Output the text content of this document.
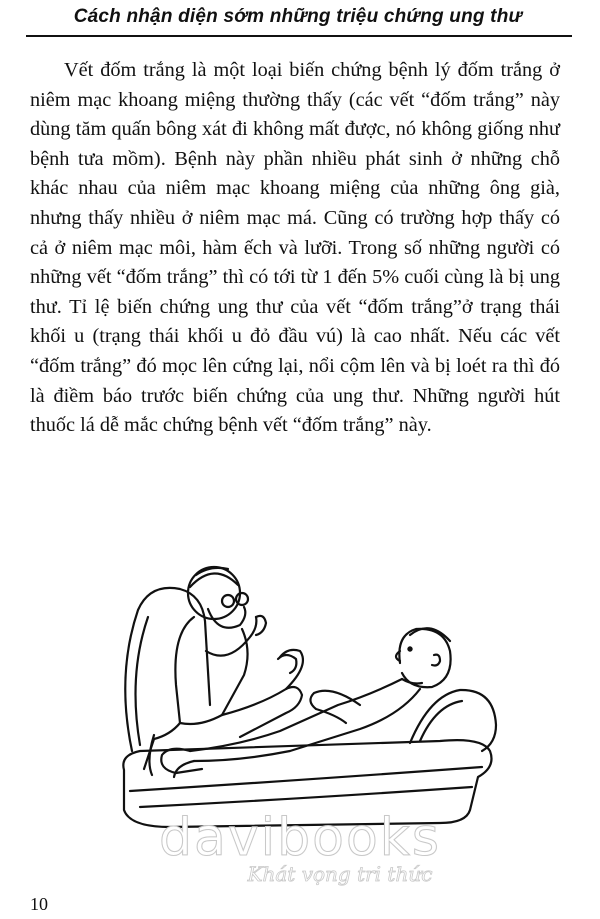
Cách nhận diện sớm những triệu chứng ung thư

Vết đốm trắng là một loại biến chứng bệnh lý đốm trắng ở niêm mạc khoang miệng thường thấy (các vết “đốm trắng” này dùng tăm quấn bông xát đi không mất được, nó không giống như bệnh tưa mồm). Bệnh này phần nhiều phát sinh ở những chỗ khác nhau của niêm mạc khoang miệng của những ông già, nhưng thấy nhiều ở niêm mạc má. Cũng có trường hợp thấy có cả ở niêm mạc môi, hàm ếch và lưỡi. Trong số những người có những vết “đốm trắng” thì có tới từ 1 đến 5% cuối cùng là bị ung thư. Tỉ lệ biến chứng ung thư của vết “đốm trắng”ở trạng thái khối u (trạng thái khối u đỏ đầu vú) là cao nhất. Nếu các vết “đốm trắng” đó mọc lên cứng lại, nổi cộm lên và bị loét ra thì đó là điềm báo trước biến chứng của ung thư. Những người hút thuốc lá dễ mắc chứng bệnh vết “đốm trắng” này.

davibooks
Khát vọng tri thức
10
